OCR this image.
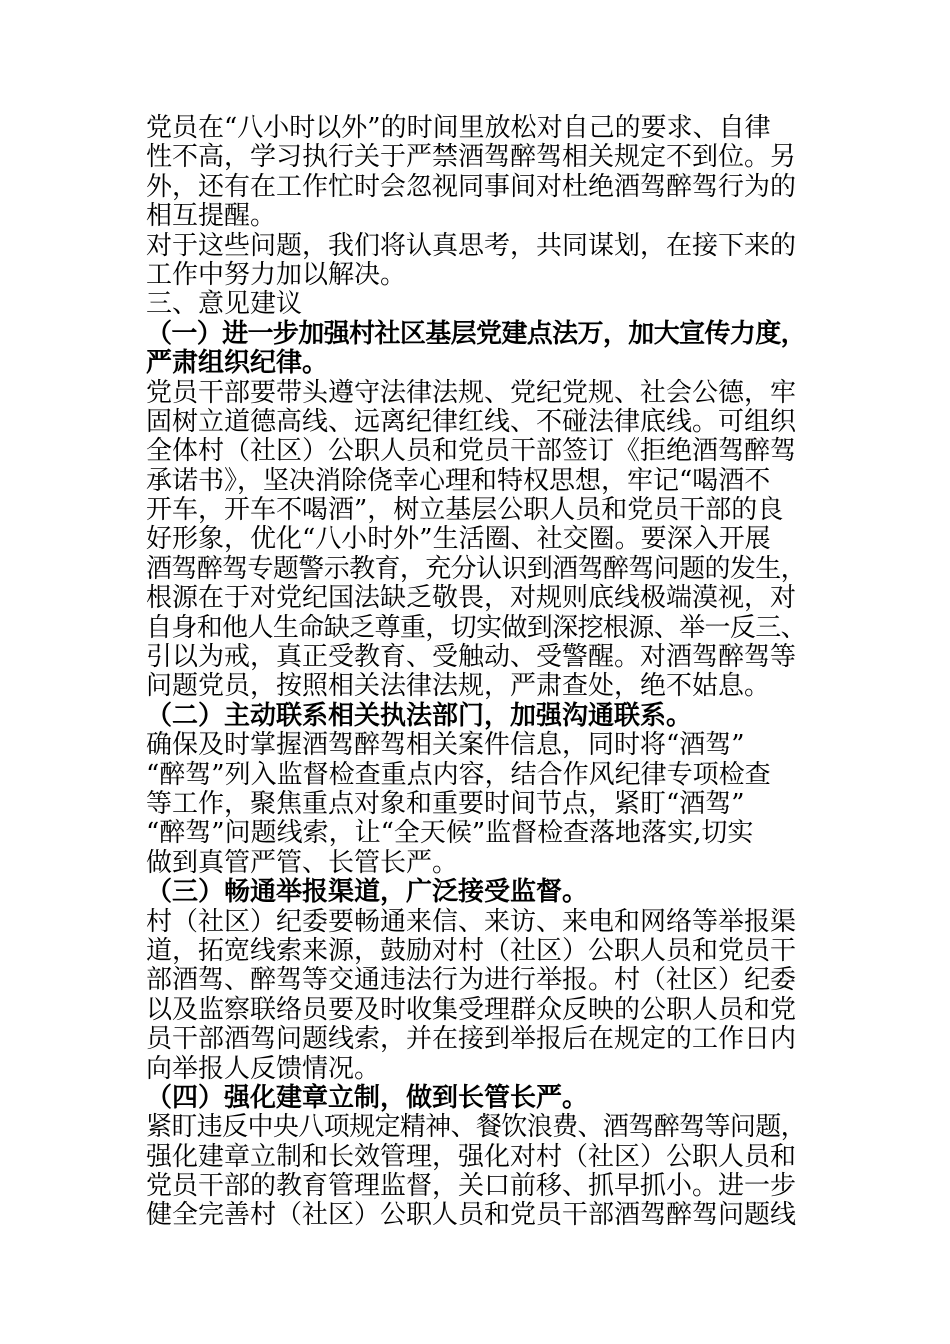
党员在“八小时以外”的时间里放松对自己的要求、自律
性不高，学习执行关于严禁酒驾醉驾相关规定不到位。另
外，还有在工作忙时会忽视同事间对杜绝酒驾醉驾行为的
相互提醒。
对于这些问题，我们将认真思考，共同谋划，在接下来的
工作中努力加以解决。
三、意见建议
（一）进一步加强村社区基层党建点法万，加大宣传力度，
严肃组织纪律。
党员干部要带头遵守法律法规、党纪党规、社会公德，牢
固树立道德高线、远离纪律红线、不碰法律底线。可组织
全体村（社区）公职人员和党员干部签订《拒绝酒驾醉驾
承诺书》，坚决消除侥幸心理和特权思想，牢记“喝酒不
开车，开车不喝酒”，树立基层公职人员和党员干部的良
好形象，优化“八小时外”生活圈、社交圈。要深入开展
酒驾醉驾专题警示教育，充分认识到酒驾醉驾问题的发生，
根源在于对党纪国法缺乏敬畏，对规则底线极端漠视，对
自身和他人生命缺乏尊重，切实做到深挖根源、举一反三、
引以为戒，真正受教育、受触动、受警醒。对酒驾醉驾等
问题党员，按照相关法律法规，严肃查处，绝不姑息。
（二）主动联系相关执法部门，加强沟通联系。
确保及时掌握酒驾醉驾相关案件信息，同时将“酒驾”
“醉驾”列入监督检查重点内容，结合作风纪律专项检查
等工作，聚焦重点对象和重要时间节点，紧盯“酒驾”
“醉驾”问题线索，让“全天候”监督检查落地落实,切实
做到真管严管、长管长严。
（三）畅通举报渠道，广泛接受监督。
村（社区）纪委要畅通来信、来访、来电和网络等举报渠
道，拓宽线索来源，鼓励对村（社区）公职人员和党员干
部酒驾、醉驾等交通违法行为进行举报。村（社区）纪委
以及监察联络员要及时收集受理群众反映的公职人员和党
员干部酒驾问题线索，并在接到举报后在规定的工作日内
向举报人反馈情况。
（四）强化建章立制，做到长管长严。
紧盯违反中央八项规定精神、餐饮浪费、酒驾醉驾等问题，
强化建章立制和长效管理，强化对村（社区）公职人员和
党员干部的教育管理监督，关口前移、抓早抓小。进一步
健全完善村（社区）公职人员和党员干部酒驾醉驾问题线
